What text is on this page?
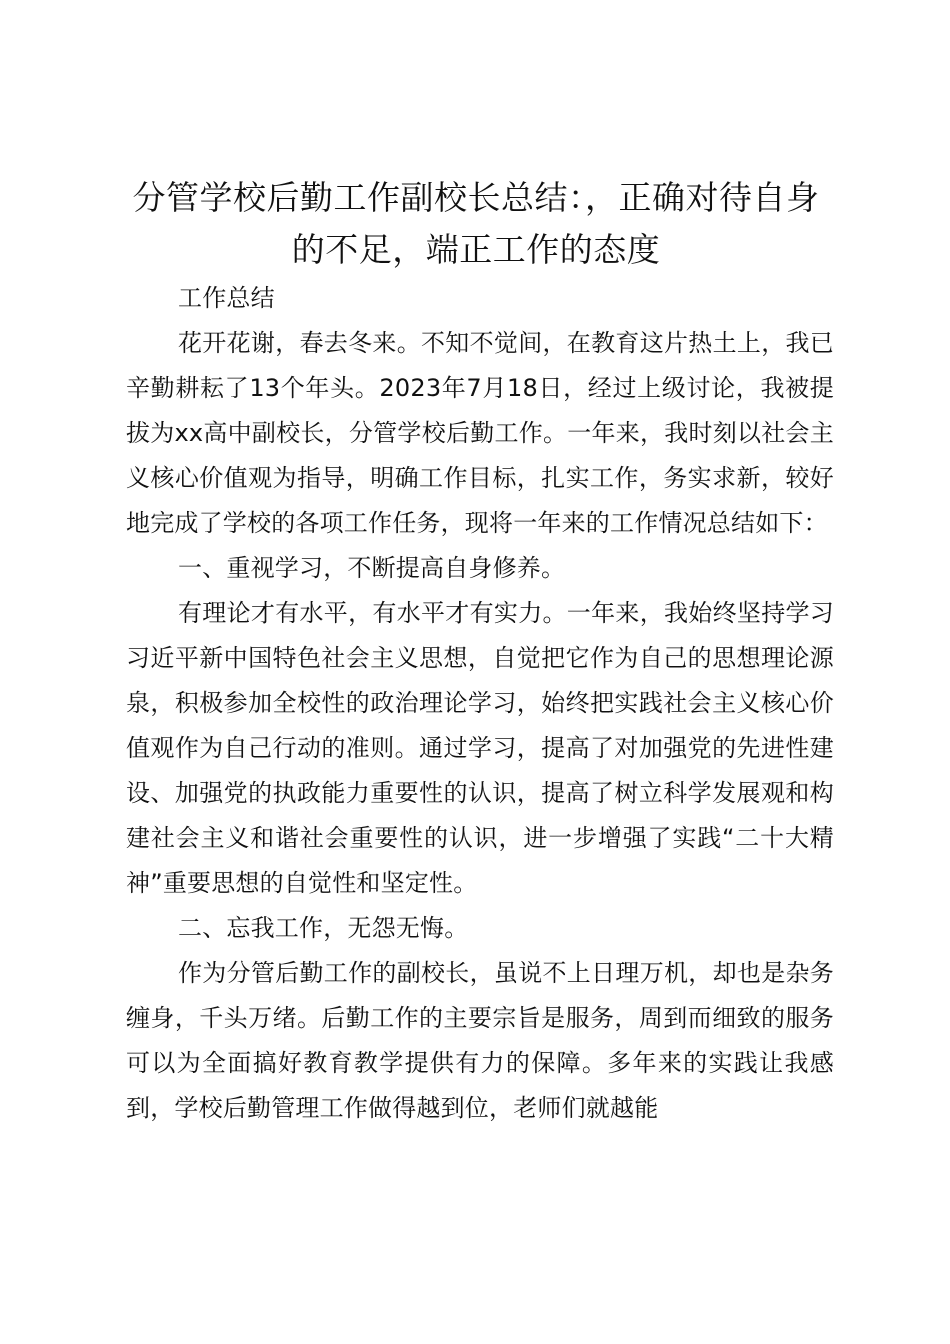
分管学校后勤工作副校长总结：，正确对待自身的不足，端正工作的态度

工作总结

花开花谢，春去冬来。不知不觉间，在教育这片热土上，我已辛勤耕耘了13个年头。2023年7月18日，经过上级讨论，我被提拔为xx高中副校长，分管学校后勤工作。一年来，我时刻以社会主义核心价值观为指导，明确工作目标，扎实工作，务实求新，较好地完成了学校的各项工作任务，现将一年来的工作情况总结如下：

一、重视学习，不断提高自身修养。

有理论才有水平，有水平才有实力。一年来，我始终坚持学习习近平新中国特色社会主义思想，自觉把它作为自己的思想理论源泉，积极参加全校性的政治理论学习，始终把实践社会主义核心价值观作为自己行动的准则。通过学习，提高了对加强党的先进性建设、加强党的执政能力重要性的认识，提高了树立科学发展观和构建社会主义和谐社会重要性的认识，进一步增强了实践“二十大精神”重要思想的自觉性和坚定性。

二、忘我工作，无怨无悔。

作为分管后勤工作的副校长，虽说不上日理万机，却也是杂务缠身，千头万绪。后勤工作的主要宗旨是服务，周到而细致的服务可以为全面搞好教育教学提供有力的保障。多年来的实践让我感到，学校后勤管理工作做得越到位，老师们就越能
